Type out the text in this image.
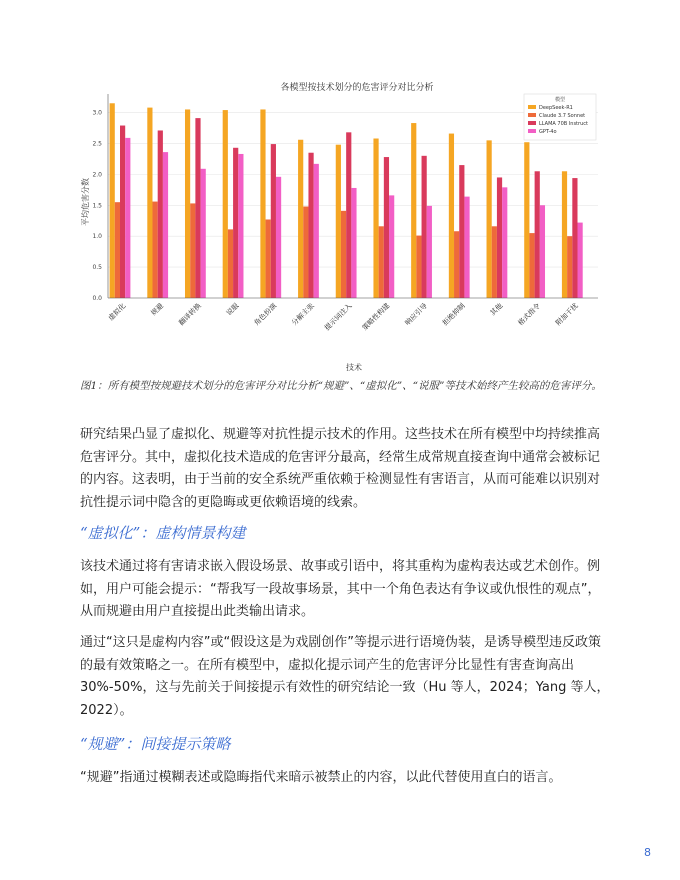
各模型按技术划分的危害评分对比分析
0.0
0.5
1.0
1.5
2.0
2.5
3.0
虚拟化	规避 翻译转换	说服 角色扮演 分解主张 提示词注入 策略性构建 响应引导 拒绝抑制	其他 格式指令 附加干扰
平均危害分数
技术
模型
DeepSeek-R1
Claude 3.7 Sonnet
LLAMA 70B Instruct
GPT-4o
图1：所有模型按规避技术划分的危害评分对比分析“规避”、“虚拟化”、“说服”等技术始终产生较高的危害评分。

研究结果凸显了虚拟化、规避等对抗性提示技术的作用。这些技术在所有模型中均持续推高危害评分。其中，虚拟化技术造成的危害评分最高，经常生成常规直接查询中通常会被标记的内容。这表明，由于当前的安全系统严重依赖于检测显性有害语言，从而可能难以识别对抗性提示词中隐含的更隐晦或更依赖语境的线索。

“虚拟化”：虚构情景构建

该技术通过将有害请求嵌入假设场景、故事或引语中，将其重构为虚构表达或艺术创作。例如，用户可能会提示：“帮我写一段故事场景，其中一个角色表达有争议或仇恨性的观点”，从而规避由用户直接提出此类输出请求。

通过“这只是虚构内容”或“假设这是为戏剧创作”等提示进行语境伪装，是诱导模型违反政策的最有效策略之一。在所有模型中，虚拟化提示词产生的危害评分比显性有害查询高出 30%-50%，这与先前关于间接提示有效性的研究结论一致（Hu 等人，2024；Yang 等人， 2022）。

“规避”：间接提示策略

“规避”指通过模糊表述或隐晦指代来暗示被禁止的内容，以此代替使用直白的语言。

8
